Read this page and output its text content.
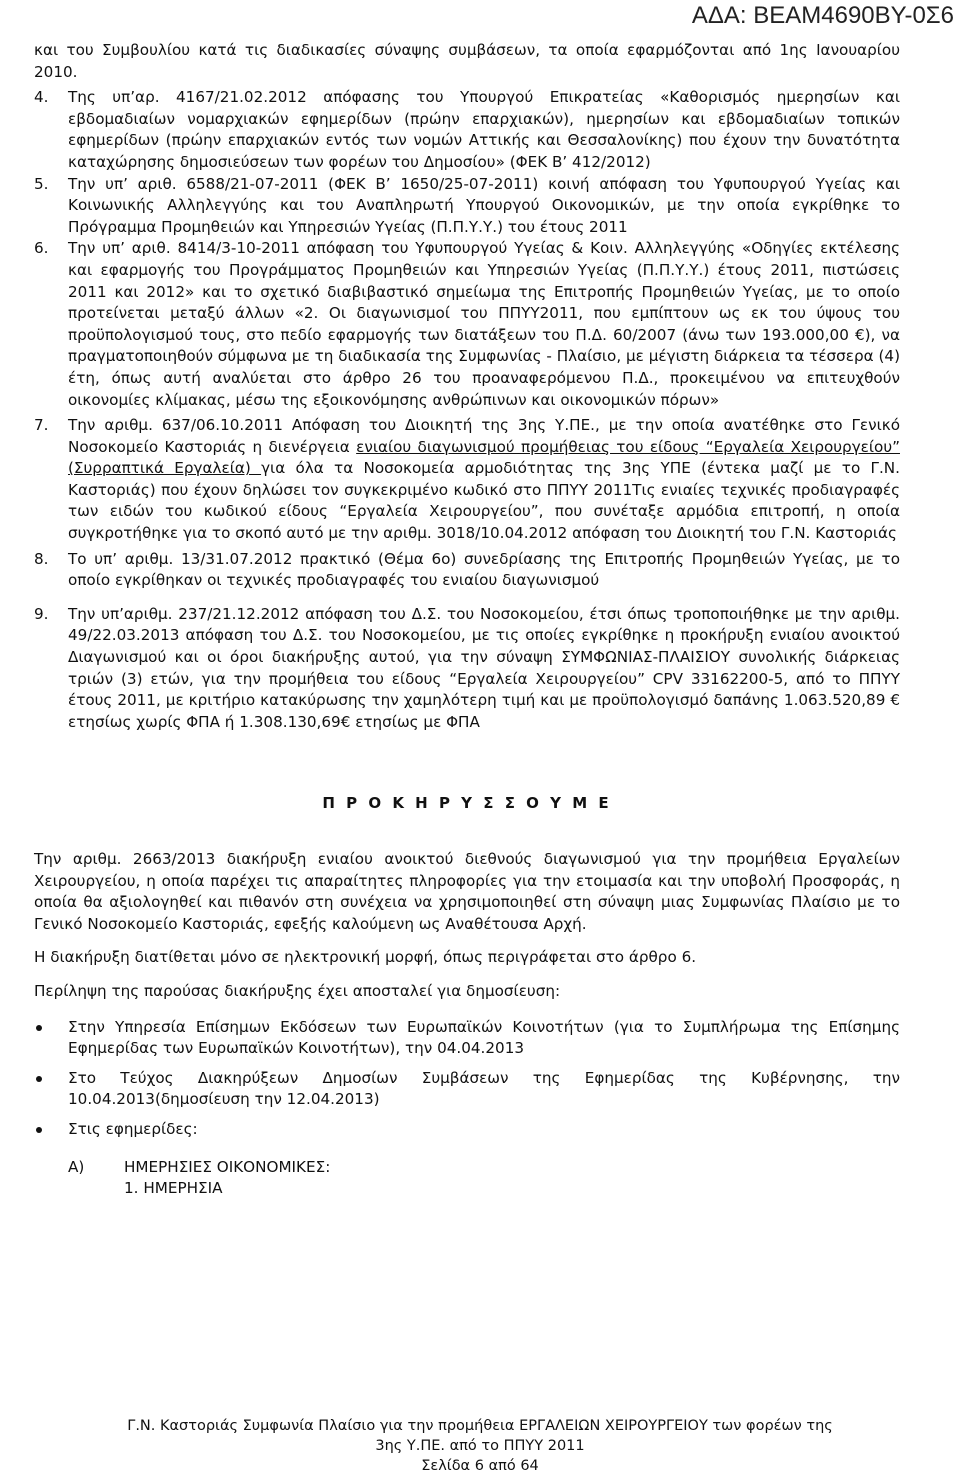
ΑΔΑ: ΒΕΑΜ4690ΒΥ-0Σ6

και του Συμβουλίου κατά τις διαδικασίες σύναψης συμβάσεων, τα οποία εφαρμόζονται από 1ης Ιανουαρίου 2010.

4. Της υπ’αρ. 4167/21.02.2012 απόφασης του Υπουργού Επικρατείας «Καθορισμός ημερησίων και εβδομαδιαίων νομαρχιακών εφημερίδων (πρώην επαρχιακών), ημερησίων και εβδομαδιαίων τοπικών εφημερίδων (πρώην επαρχιακών εντός των νομών Αττικής και Θεσσαλονίκης) που έχουν την δυνατότητα καταχώρησης δημοσιεύσεων των φορέων του Δημοσίου» (ΦΕΚ Β’ 412/2012)

5. Την υπ’ αριθ. 6588/21-07-2011 (ΦΕΚ Β’ 1650/25-07-2011) κοινή απόφαση του Υφυπουργού Υγείας και Κοινωνικής Αλληλεγγύης και του Αναπληρωτή Υπουργού Οικονομικών, με την οποία εγκρίθηκε το Πρόγραμμα Προμηθειών και Υπηρεσιών Υγείας (Π.Π.Υ.Υ.) του έτους 2011

6. Την υπ’ αριθ. 8414/3-10-2011 απόφαση του Υφυπουργού Υγείας & Κοιν. Αλληλεγγύης «Οδηγίες εκτέλεσης και εφαρμογής του Προγράμματος Προμηθειών και Υπηρεσιών Υγείας (Π.Π.Υ.Υ.) έτους 2011, πιστώσεις 2011 και 2012» και το σχετικό διαβιβαστικό σημείωμα της Επιτροπής Προμηθειών Υγείας, με το οποίο προτείνεται μεταξύ άλλων «2. Οι διαγωνισμοί του ΠΠΥΥ2011, που εμπίπτουν ως εκ του ύψους του προϋπολογισμού τους, στο πεδίο εφαρμογής των διατάξεων του Π.Δ. 60/2007 (άνω των 193.000,00 €), να πραγματοποιηθούν σύμφωνα με τη διαδικασία της Συμφωνίας - Πλαίσιο, με μέγιστη διάρκεια τα τέσσερα (4) έτη, όπως αυτή αναλύεται στο άρθρο 26 του προαναφερόμενου Π.Δ., προκειμένου να επιτευχθούν οικονομίες κλίμακας, μέσω της εξοικονόμησης ανθρώπινων και οικονομικών πόρων»

7. Την αριθμ. 637/06.10.2011 Απόφαση του Διοικητή της 3ης Υ.ΠΕ., με την οποία ανατέθηκε στο Γενικό Νοσοκομείο Καστοριάς η διενέργεια ενιαίου διαγωνισμού προμήθειας του είδους “Εργαλεία Χειρουργείου” (Συρραπτικά Εργαλεία) για όλα τα Νοσοκομεία αρμοδιότητας της 3ης ΥΠΕ (έντεκα μαζί με το Γ.Ν. Καστοριάς) που έχουν δηλώσει τον συγκεκριμένο κωδικό στο ΠΠΥΥ 2011Τις ενιαίες τεχνικές προδιαγραφές των ειδών του κωδικού είδους “Εργαλεία Χειρουργείου”, που συνέταξε αρμόδια επιτροπή, η οποία συγκροτήθηκε για το σκοπό αυτό με την αριθμ. 3018/10.04.2012 απόφαση του Διοικητή του Γ.Ν. Καστοριάς

8. Το υπ’ αριθμ. 13/31.07.2012 πρακτικό (Θέμα 6ο) συνεδρίασης της Επιτροπής Προμηθειών Υγείας, με το οποίο εγκρίθηκαν οι τεχνικές προδιαγραφές του ενιαίου διαγωνισμού

9. Την υπ’αριθμ. 237/21.12.2012 απόφαση του Δ.Σ. του Νοσοκομείου, έτσι όπως τροποποιήθηκε με την αριθμ. 49/22.03.2013 απόφαση του Δ.Σ. του Νοσοκομείου, με τις οποίες εγκρίθηκε η προκήρυξη ενιαίου ανοικτού Διαγωνισμού και οι όροι διακήρυξης αυτού, για την σύναψη ΣΥΜΦΩΝΙΑΣ-ΠΛΑΙΣΙΟΥ συνολικής διάρκειας τριών (3) ετών, για την προμήθεια του είδους “Εργαλεία Χειρουργείου” CPV 33162200-5, από το ΠΠΥΥ έτους 2011, με κριτήριο κατακύρωσης την χαμηλότερη τιμή και με προϋπολογισμό δαπάνης 1.063.520,89 € ετησίως χωρίς ΦΠΑ ή 1.308.130,69€ ετησίως με ΦΠΑ

Π Ρ Ο Κ Η Ρ Υ Σ Σ Ο Υ Μ Ε

Την αριθμ. 2663/2013 διακήρυξη ενιαίου ανοικτού διεθνούς διαγωνισμού για την προμήθεια Εργαλείων Χειρουργείου, η οποία παρέχει τις απαραίτητες πληροφορίες για την ετοιμασία και την υποβολή Προσφοράς, η οποία θα αξιολογηθεί και πιθανόν στη συνέχεια να χρησιμοποιηθεί στη σύναψη μιας Συμφωνίας Πλαίσιο με το Γενικό Νοσοκομείο Καστοριάς, εφεξής καλούμενη ως Αναθέτουσα Αρχή.

Η διακήρυξη διατίθεται μόνο σε ηλεκτρονική μορφή, όπως περιγράφεται στο άρθρο 6.

Περίληψη της παρούσας διακήρυξης έχει αποσταλεί για δημοσίευση:

Στην Υπηρεσία Επίσημων Εκδόσεων των Ευρωπαϊκών Κοινοτήτων (για το Συμπλήρωμα της Επίσημης Εφημερίδας των Ευρωπαϊκών Κοινοτήτων), την 04.04.2013
Στο Τεύχος Διακηρύξεων Δημοσίων Συμβάσεων της Εφημερίδας της Κυβέρνησης, την 10.04.2013(δημοσίευση την 12.04.2013)
Στις εφημερίδες:
Α)	ΗΜΕΡΗΣΙΕΣ ΟΙΚΟΝΟΜΙΚΕΣ:
1. ΗΜΕΡΗΣΙΑ
Γ.Ν. Καστοριάς Συμφωνία Πλαίσιο για την προμήθεια ΕΡΓΑΛΕΙΩΝ ΧΕΙΡΟΥΡΓΕΙΟΥ των φορέων της
3ης Υ.ΠΕ. από το ΠΠΥΥ 2011
Σελίδα 6 από 64
